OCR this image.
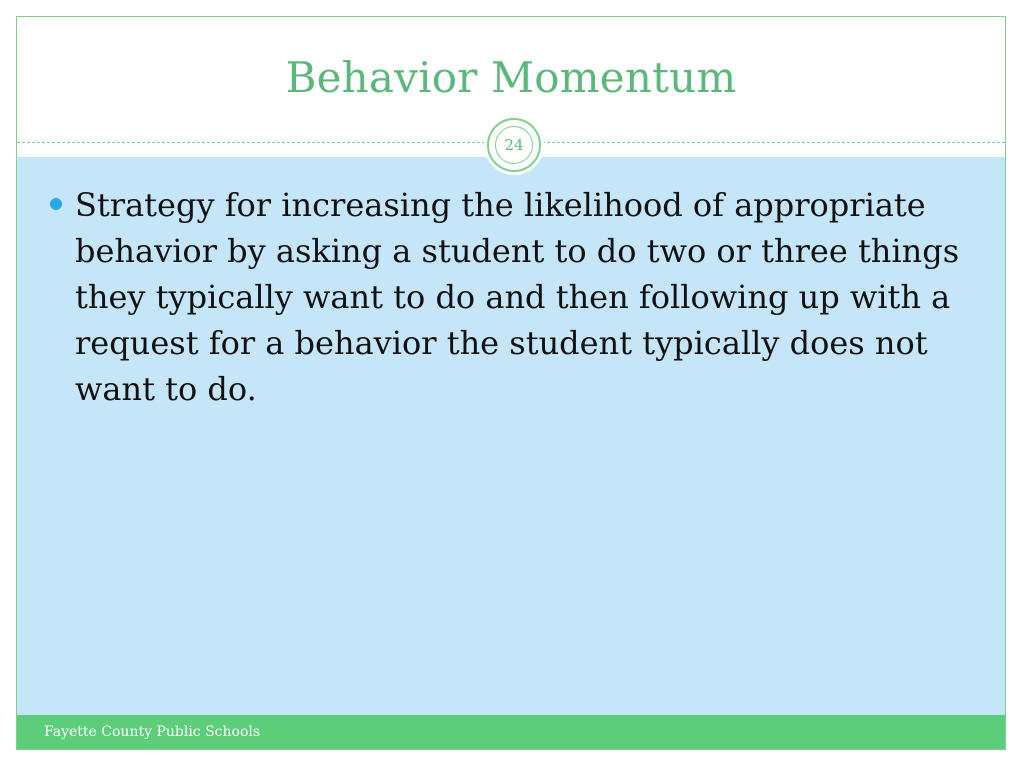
Behavior Momentum
24
Strategy for increasing the likelihood of appropriate behavior by asking a student to do two or three things they typically want to do and then following up with a request for a behavior the student typically does not want to do.
Fayette County Public Schools
